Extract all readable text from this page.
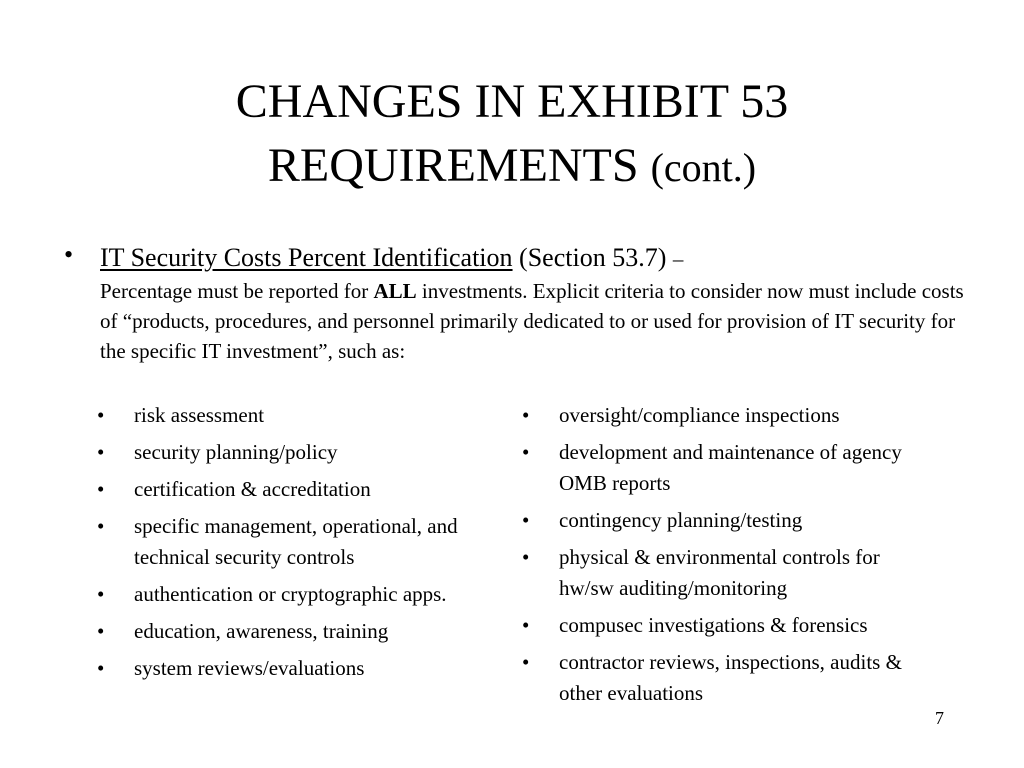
CHANGES IN EXHIBIT 53
REQUIREMENTS (cont.)
• IT Security Costs Percent Identification (Section 53.7) –
Percentage must be reported for ALL investments. Explicit criteria to consider now must include costs of “products, procedures, and personnel primarily dedicated to or used for provision of IT security for the specific IT investment”, such as:
• risk assessment
• security planning/policy
• certification & accreditation
• specific management, operational, and technical security controls
• authentication or cryptographic apps.
• education, awareness, training
• system reviews/evaluations
• oversight/compliance inspections
• development and maintenance of agency OMB reports
• contingency planning/testing
• physical & environmental controls for hw/sw auditing/monitoring
• compusec investigations & forensics
• contractor reviews, inspections, audits & other evaluations
7
